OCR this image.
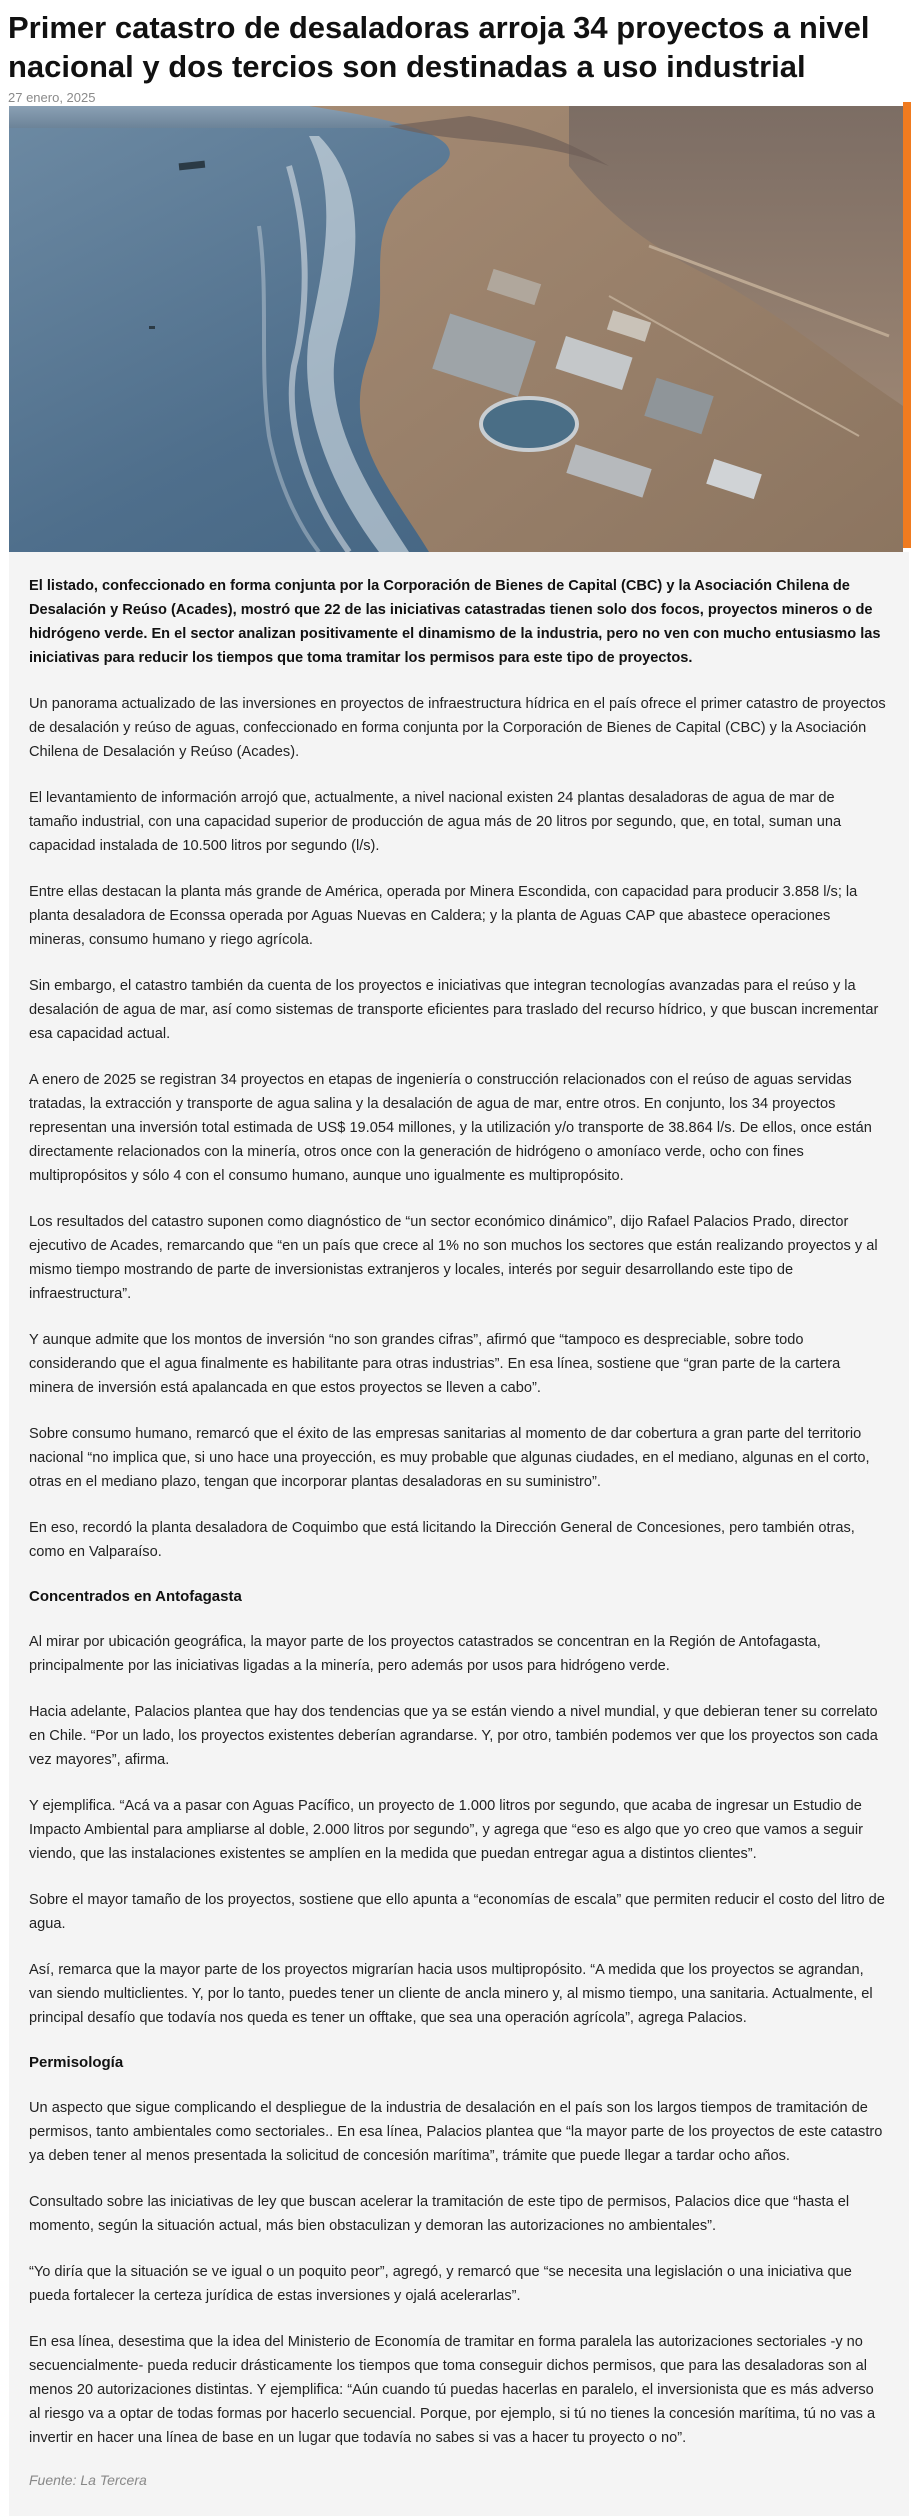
Primer catastro de desaladoras arroja 34 proyectos a nivel nacional y dos tercios son destinadas a uso industrial
27 enero, 2025

El listado, confeccionado en forma conjunta por la Corporación de Bienes de Capital (CBC) y la Asociación Chilena de Desalación y Reúso (Acades), mostró que 22 de las iniciativas catastradas tienen solo dos focos, proyectos mineros o de hidrógeno verde. En el sector analizan positivamente el dinamismo de la industria, pero no ven con mucho entusiasmo las iniciativas para reducir los tiempos que toma tramitar los permisos para este tipo de proyectos.

Un panorama actualizado de las inversiones en proyectos de infraestructura hídrica en el país ofrece el primer catastro de proyectos de desalación y reúso de aguas, confeccionado en forma conjunta por la Corporación de Bienes de Capital (CBC) y la Asociación Chilena de Desalación y Reúso (Acades).

El levantamiento de información arrojó que, actualmente, a nivel nacional existen 24 plantas desaladoras de agua de mar de tamaño industrial, con una capacidad superior de producción de agua más de 20 litros por segundo, que, en total, suman una capacidad instalada de 10.500 litros por segundo (l/s).

Entre ellas destacan la planta más grande de América, operada por Minera Escondida, con capacidad para producir 3.858 l/s; la planta desaladora de Econssa operada por Aguas Nuevas en Caldera; y la planta de Aguas CAP que abastece operaciones mineras, consumo humano y riego agrícola.

Sin embargo, el catastro también da cuenta de los proyectos e iniciativas que integran tecnologías avanzadas para el reúso y la desalación de agua de mar, así como sistemas de transporte eficientes para traslado del recurso hídrico, y que buscan incrementar esa capacidad actual.

A enero de 2025 se registran 34 proyectos en etapas de ingeniería o construcción relacionados con el reúso de aguas servidas tratadas, la extracción y transporte de agua salina y la desalación de agua de mar, entre otros. En conjunto, los 34 proyectos representan una inversión total estimada de US$ 19.054 millones, y la utilización y/o transporte de 38.864 l/s. De ellos, once están directamente relacionados con la minería, otros once con la generación de hidrógeno o amoníaco verde, ocho con fines multipropósitos y sólo 4 con el consumo humano, aunque uno igualmente es multipropósito.

Los resultados del catastro suponen como diagnóstico de “un sector económico dinámico”, dijo Rafael Palacios Prado, director ejecutivo de Acades, remarcando que “en un país que crece al 1% no son muchos los sectores que están realizando proyectos y al mismo tiempo mostrando de parte de inversionistas extranjeros y locales, interés por seguir desarrollando este tipo de infraestructura”.

Y aunque admite que los montos de inversión “no son grandes cifras”, afirmó que “tampoco es despreciable, sobre todo considerando que el agua finalmente es habilitante para otras industrias”. En esa línea, sostiene que “gran parte de la cartera minera de inversión está apalancada en que estos proyectos se lleven a cabo”.

Sobre consumo humano, remarcó que el éxito de las empresas sanitarias al momento de dar cobertura a gran parte del territorio nacional “no implica que, si uno hace una proyección, es muy probable que algunas ciudades, en el mediano, algunas en el corto, otras en el mediano plazo, tengan que incorporar plantas desaladoras en su suministro”.

En eso, recordó la planta desaladora de Coquimbo que está licitando la Dirección General de Concesiones, pero también otras, como en Valparaíso.

Concentrados en Antofagasta

Al mirar por ubicación geográfica, la mayor parte de los proyectos catastrados se concentran en la Región de Antofagasta, principalmente por las iniciativas ligadas a la minería, pero además por usos para hidrógeno verde.

Hacia adelante, Palacios plantea que hay dos tendencias que ya se están viendo a nivel mundial, y que debieran tener su correlato en Chile. “Por un lado, los proyectos existentes deberían agrandarse. Y, por otro, también podemos ver que los proyectos son cada vez mayores”, afirma.

Y ejemplifica. “Acá va a pasar con Aguas Pacífico, un proyecto de 1.000 litros por segundo, que acaba de ingresar un Estudio de Impacto Ambiental para ampliarse al doble, 2.000 litros por segundo”, y agrega que “eso es algo que yo creo que vamos a seguir viendo, que las instalaciones existentes se amplíen en la medida que puedan entregar agua a distintos clientes”.

Sobre el mayor tamaño de los proyectos, sostiene que ello apunta a “economías de escala” que permiten reducir el costo del litro de agua.

Así, remarca que la mayor parte de los proyectos migrarían hacia usos multipropósito. “A medida que los proyectos se agrandan, van siendo multiclientes. Y, por lo tanto, puedes tener un cliente de ancla minero y, al mismo tiempo, una sanitaria. Actualmente, el principal desafío que todavía nos queda es tener un offtake, que sea una operación agrícola”, agrega Palacios.

Permisología

Un aspecto que sigue complicando el despliegue de la industria de desalación en el país son los largos tiempos de tramitación de permisos, tanto ambientales como sectoriales.. En esa línea, Palacios plantea que “la mayor parte de los proyectos de este catastro ya deben tener al menos presentada la solicitud de concesión marítima”, trámite que puede llegar a tardar ocho años.

Consultado sobre las iniciativas de ley que buscan acelerar la tramitación de este tipo de permisos, Palacios dice que “hasta el momento, según la situación actual, más bien obstaculizan y demoran las autorizaciones no ambientales”.

“Yo diría que la situación se ve igual o un poquito peor”, agregó, y remarcó que “se necesita una legislación o una iniciativa que pueda fortalecer la certeza jurídica de estas inversiones y ojalá acelerarlas”.

En esa línea, desestima que la idea del Ministerio de Economía de tramitar en forma paralela las autorizaciones sectoriales -y no secuencialmente- pueda reducir drásticamente los tiempos que toma conseguir dichos permisos, que para las desaladoras son al menos 20 autorizaciones distintas. Y ejemplifica: “Aún cuando tú puedas hacerlas en paralelo, el inversionista que es más adverso al riesgo va a optar de todas formas por hacerlo secuencial. Porque, por ejemplo, si tú no tienes la concesión marítima, tú no vas a invertir en hacer una línea de base en un lugar que todavía no sabes si vas a hacer tu proyecto o no”.

Fuente: La Tercera
